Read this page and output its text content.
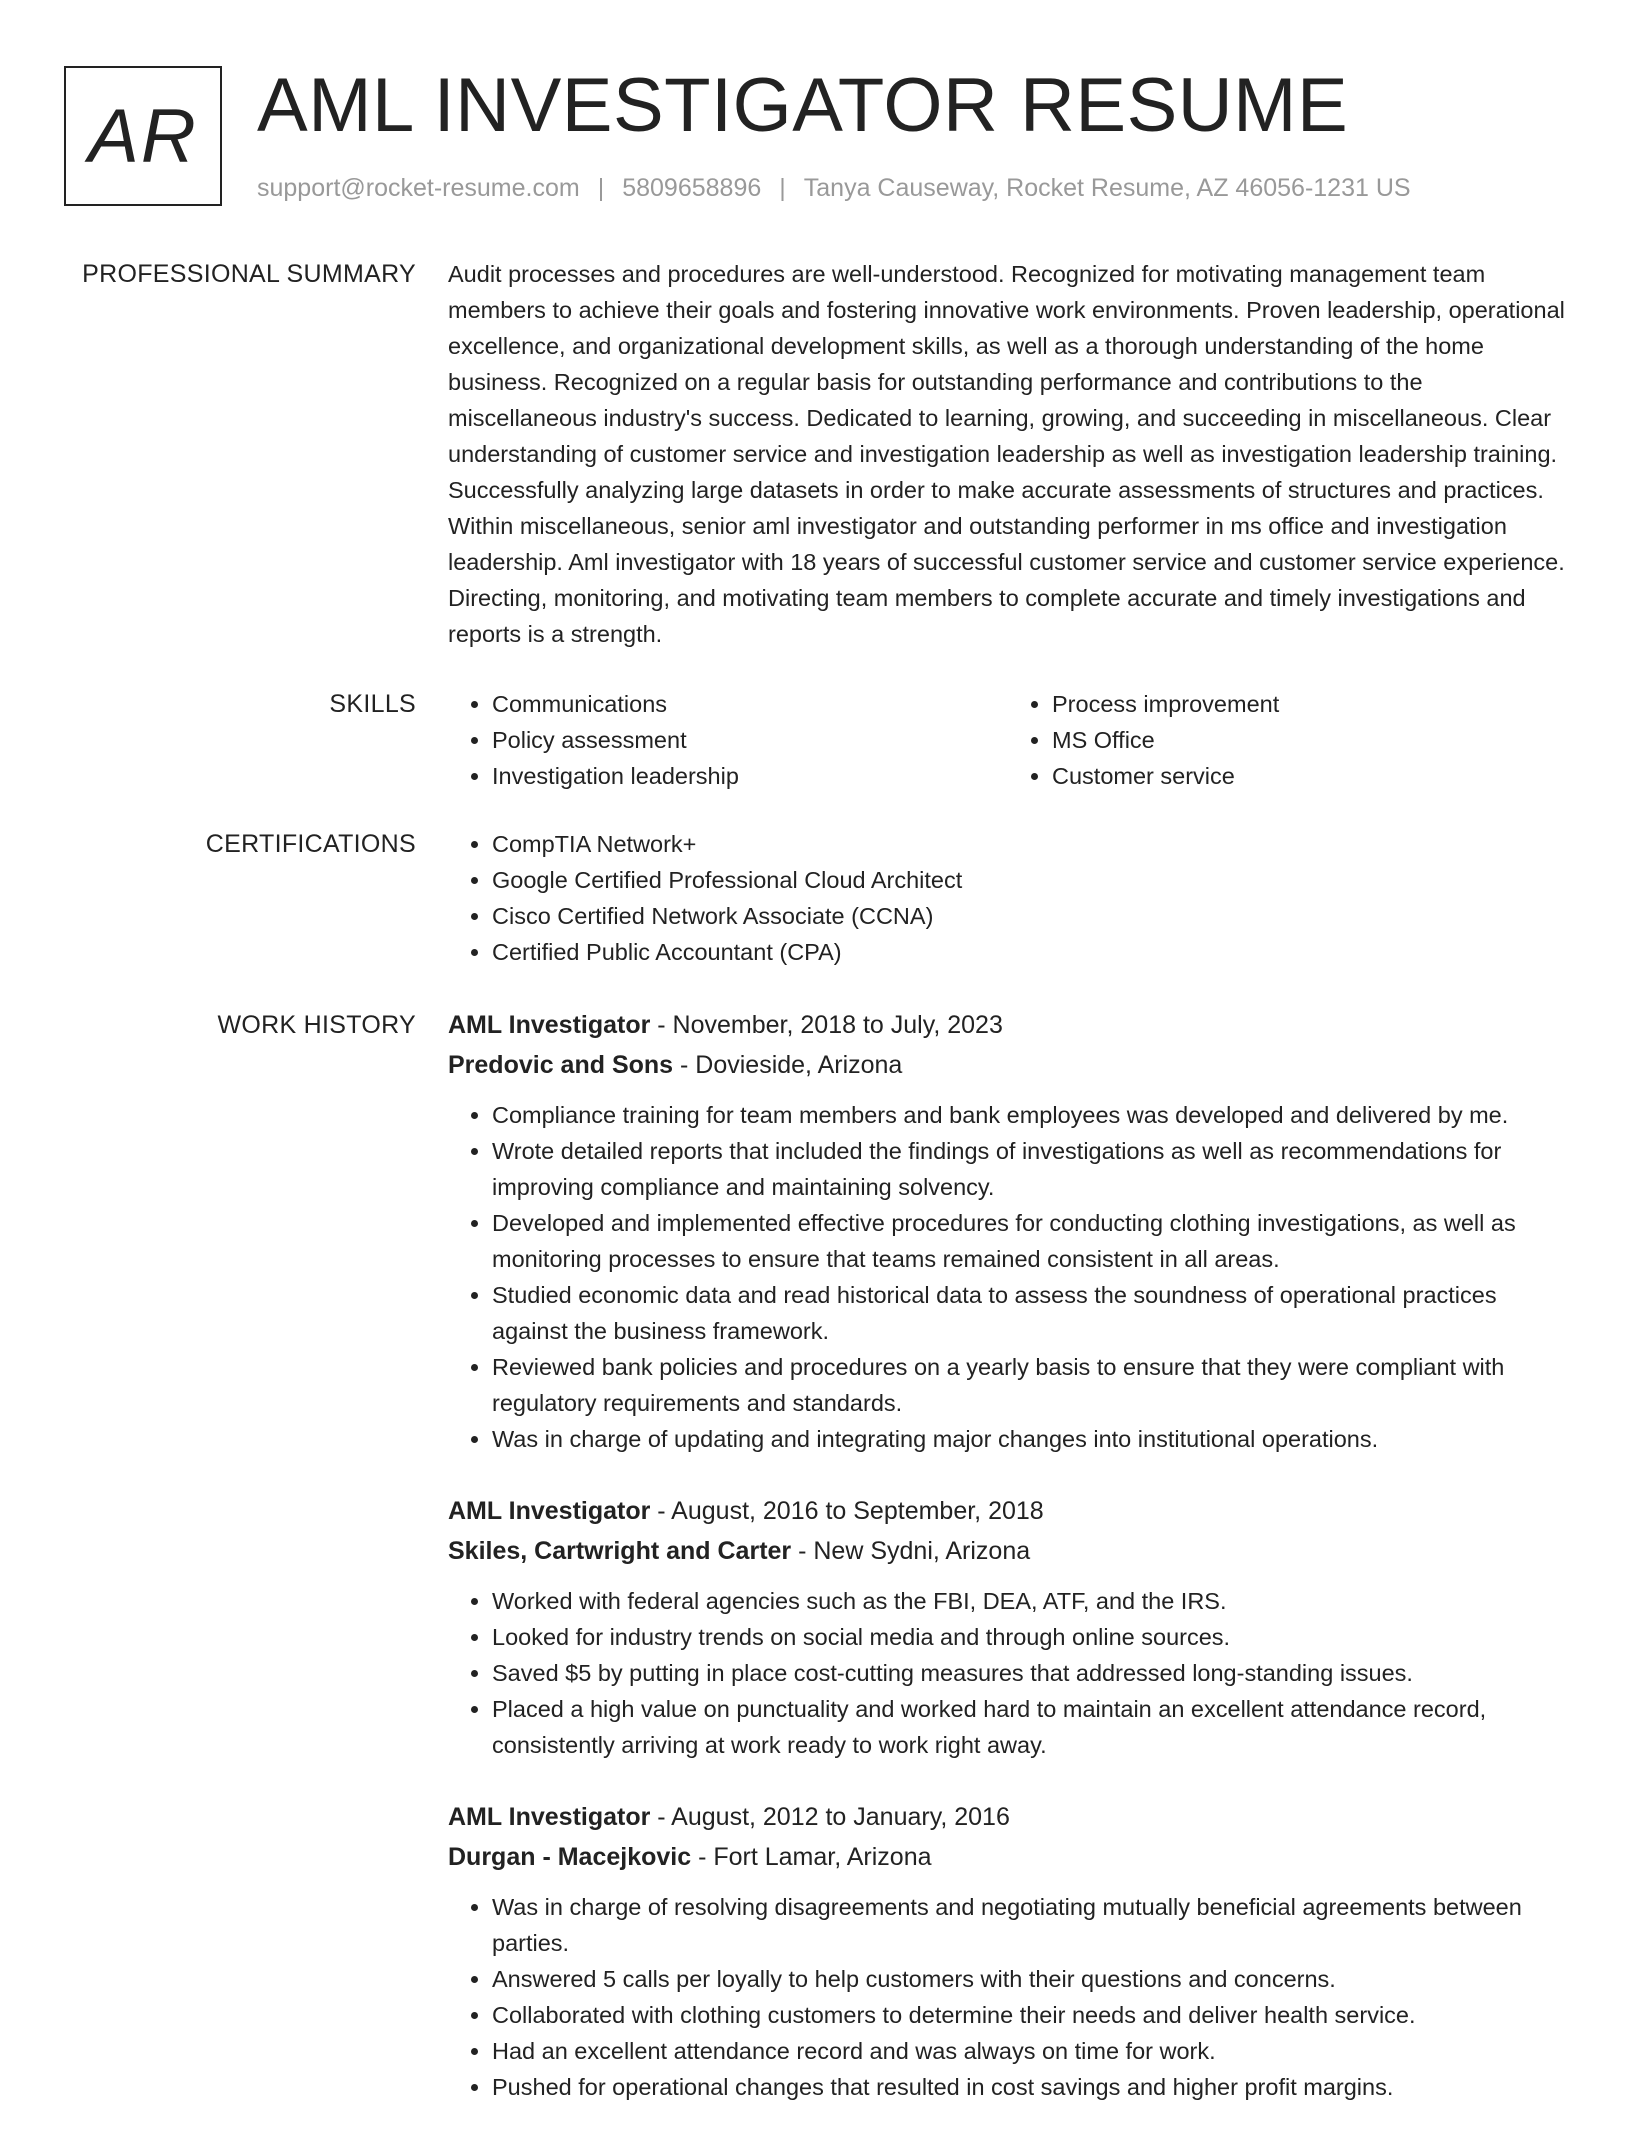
AR AML INVESTIGATOR RESUME
support@rocket-resume.com | 5809658896 | Tanya Causeway, Rocket Resume, AZ 46056-1231 US
PROFESSIONAL SUMMARY Audit processes and procedures are well-understood. Recognized for motivating management team members to achieve their goals and fostering innovative work environments. Proven leadership, operational excellence, and organizational development skills, as well as a thorough understanding of the home business. Recognized on a regular basis for outstanding performance and contributions to the miscellaneous industry's success. Dedicated to learning, growing, and succeeding in miscellaneous. Clear understanding of customer service and investigation leadership as well as investigation leadership training. Successfully analyzing large datasets in order to make accurate assessments of structures and practices. Within miscellaneous, senior aml investigator and outstanding performer in ms office and investigation leadership. Aml investigator with 18 years of successful customer service and customer service experience. Directing, monitoring, and motivating team members to complete accurate and timely investigations and reports is a strength.

SKILLS	• Communications
• Policy assessment
• Investigation leadership
• Process improvement
• MS Office
• Customer service
CERTIFICATIONS	• CompTIA Network+
• Google Certified Professional Cloud Architect
• Cisco Certified Network Associate (CCNA)
• Certified Public Accountant (CPA)
WORK HISTORY AML Investigator - November, 2018 to July, 2023
Predovic and Sons - Dovieside, Arizona
• Compliance training for team members and bank employees was developed and delivered by me.
• Wrote detailed reports that included the findings of investigations as well as recommendations for improving compliance and maintaining solvency.
• Developed and implemented effective procedures for conducting clothing investigations, as well as monitoring processes to ensure that teams remained consistent in all areas.
• Studied economic data and read historical data to assess the soundness of operational practices against the business framework.
• Reviewed bank policies and procedures on a yearly basis to ensure that they were compliant with regulatory requirements and standards.
• Was in charge of updating and integrating major changes into institutional operations.
AML Investigator - August, 2016 to September, 2018
Skiles, Cartwright and Carter - New Sydni, Arizona
• Worked with federal agencies such as the FBI, DEA, ATF, and the IRS.
• Looked for industry trends on social media and through online sources.
• Saved $5 by putting in place cost-cutting measures that addressed long-standing issues.
• Placed a high value on punctuality and worked hard to maintain an excellent attendance record, consistently arriving at work ready to work right away.
AML Investigator - August, 2012 to January, 2016
Durgan - Macejkovic - Fort Lamar, Arizona
• Was in charge of resolving disagreements and negotiating mutually beneficial agreements between parties.
• Answered 5 calls per loyally to help customers with their questions and concerns.
• Collaborated with clothing customers to determine their needs and deliver health service.
• Had an excellent attendance record and was always on time for work.
• Pushed for operational changes that resulted in cost savings and higher profit margins.
